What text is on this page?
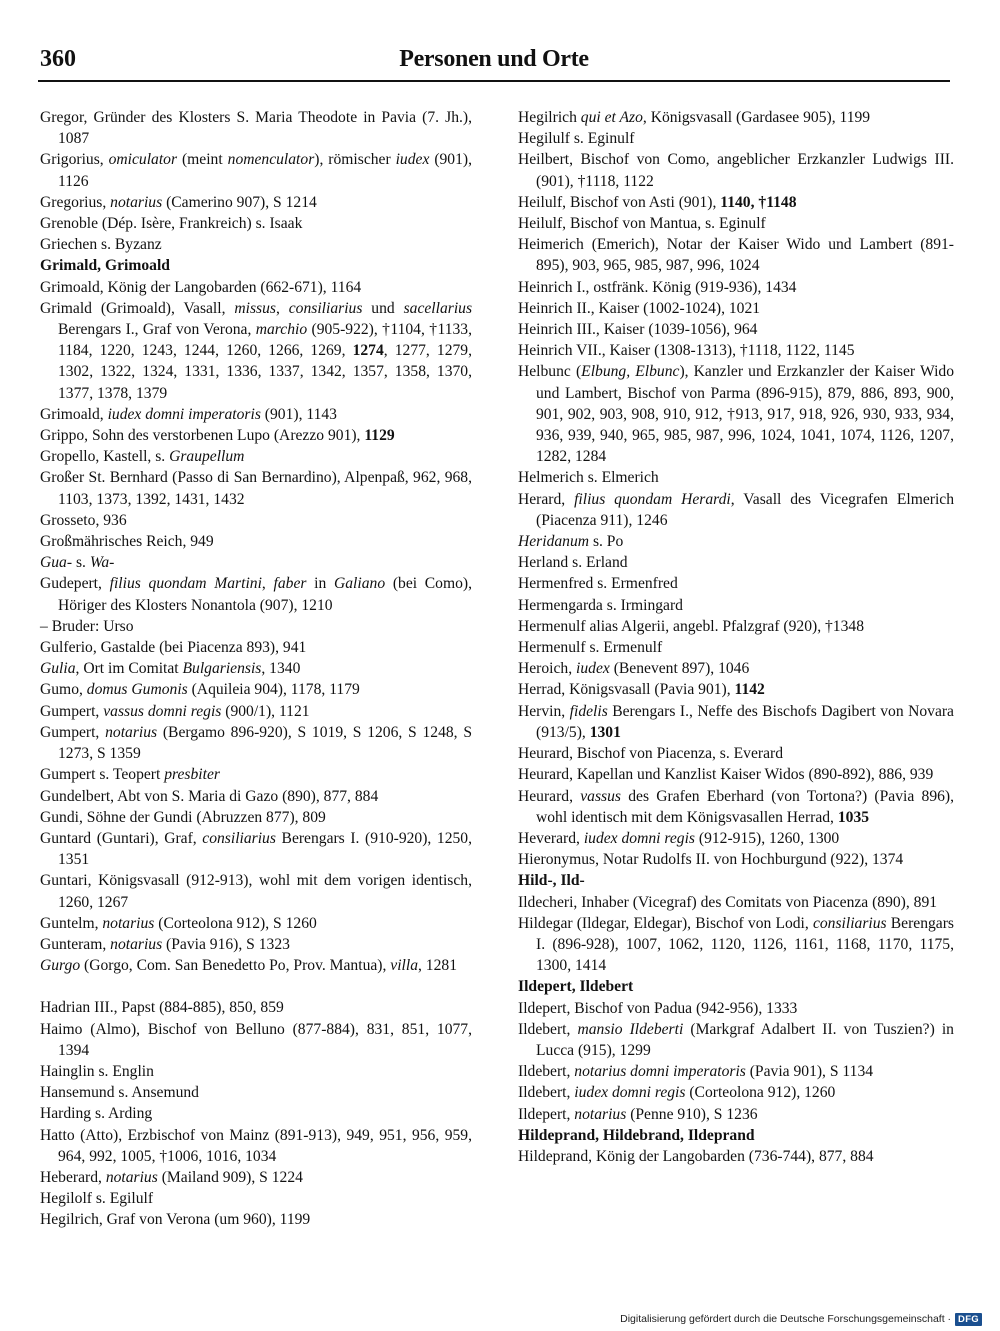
360	Personen und Orte
Gregor, Gründer des Klosters S. Maria Theodote in Pavia (7. Jh.), 1087
Grigorius, omiculator (meint nomenculator), römischer iudex (901), 1126
Gregorius, notarius (Camerino 907), S 1214
Grenoble (Dép. Isère, Frankreich) s. Isaak
Griechen s. Byzanz
Grimald, Grimoald
Grimoald, König der Langobarden (662-671), 1164
Grimald (Grimoald), Vasall, missus, consiliarius und sacellarius Berengars I., Graf von Verona, marchio (905-922), †1104, †1133, 1184, 1220, 1243, 1244, 1260, 1266, 1269, 1274, 1277, 1279, 1302, 1322, 1324, 1331, 1336, 1337, 1342, 1357, 1358, 1370, 1377, 1378, 1379
Grimoald, iudex domni imperatoris (901), 1143
Grippo, Sohn des verstorbenen Lupo (Arezzo 901), 1129
Gropello, Kastell, s. Graupellum
Großer St. Bernhard (Passo di San Bernardino), Alpenpaß, 962, 968, 1103, 1373, 1392, 1431, 1432
Grosseto, 936
Großmährisches Reich, 949
Gua- s. Wa-
Gudepert, filius quondam Martini, faber in Galiano (bei Como), Höriger des Klosters Nonantola (907), 1210
– Bruder: Urso
Gulferio, Gastalde (bei Piacenza 893), 941
Gulia, Ort im Comitat Bulgariensis, 1340
Gumo, domus Gumonis (Aquileia 904), 1178, 1179
Gumpert, vassus domni regis (900/1), 1121
Gumpert, notarius (Bergamo 896-920), S 1019, S 1206, S 1248, S 1273, S 1359
Gumpert s. Teopert presbiter
Gundelbert, Abt von S. Maria di Gazo (890), 877, 884
Gundi, Söhne der Gundi (Abruzzen 877), 809
Guntard (Guntari), Graf, consiliarius Berengars I. (910-920), 1250, 1351
Guntari, Königsvasall (912-913), wohl mit dem vorigen identisch, 1260, 1267
Guntelm, notarius (Corteolona 912), S 1260
Gunteram, notarius (Pavia 916), S 1323
Gurgo (Gorgo, Com. San Benedetto Po, Prov. Mantua), villa, 1281
Hadrian III., Papst (884-885), 850, 859
Haimo (Almo), Bischof von Belluno (877-884), 831, 851, 1077, 1394
Hainglin s. Englin
Hansemund s. Ansemund
Harding s. Arding
Hatto (Atto), Erzbischof von Mainz (891-913), 949, 951, 956, 959, 964, 992, 1005, †1006, 1016, 1034
Heberard, notarius (Mailand 909), S 1224
Hegilolf s. Egilulf
Hegilrich, Graf von Verona (um 960), 1199
Hegilrich qui et Azo, Königsvasall (Gardasee 905), 1199
Hegilulf s. Eginulf
Heilbert, Bischof von Como, angeblicher Erzkanzler Ludwigs III. (901), †1118, 1122
Heilulf, Bischof von Asti (901), 1140, †1148
Heilulf, Bischof von Mantua, s. Eginulf
Heimerich (Emerich), Notar der Kaiser Wido und Lambert (891-895), 903, 965, 985, 987, 996, 1024
Heinrich I., ostfränk. König (919-936), 1434
Heinrich II., Kaiser (1002-1024), 1021
Heinrich III., Kaiser (1039-1056), 964
Heinrich VII., Kaiser (1308-1313), †1118, 1122, 1145
Helbunc (Elbung, Elbunc), Kanzler und Erzkanzler der Kaiser Wido und Lambert, Bischof von Parma (896-915), 879, 886, 893, 900, 901, 902, 903, 908, 910, 912, †913, 917, 918, 926, 930, 933, 934, 936, 939, 940, 965, 985, 987, 996, 1024, 1041, 1074, 1126, 1207, 1282, 1284
Helmerich s. Elmerich
Herard, filius quondam Herardi, Vasall des Vicegrafen Elmerich (Piacenza 911), 1246
Heridanum s. Po
Herland s. Erland
Hermenfred s. Ermenfred
Hermengarda s. Irmingard
Hermenulf alias Algerii, angebl. Pfalzgraf (920), †1348
Hermenulf s. Ermenulf
Heroich, iudex (Benevent 897), 1046
Herrad, Königsvasall (Pavia 901), 1142
Hervin, fidelis Berengars I., Neffe des Bischofs Dagibert von Novara (913/5), 1301
Heurard, Bischof von Piacenza, s. Everard
Heurard, Kapellan und Kanzlist Kaiser Widos (890-892), 886, 939
Heurard, vassus des Grafen Eberhard (von Tortona?) (Pavia 896), wohl identisch mit dem Königsvasallen Herrad, 1035
Heverard, iudex domni regis (912-915), 1260, 1300
Hieronymus, Notar Rudolfs II. von Hochburgund (922), 1374
Hild-, Ild-
Ildecheri, Inhaber (Vicegraf) des Comitats von Piacenza (890), 891
Hildegar (Ildegar, Eldegar), Bischof von Lodi, consiliarius Berengars I. (896-928), 1007, 1062, 1120, 1126, 1161, 1168, 1170, 1175, 1300, 1414
Ildepert, Ildebert
Ildepert, Bischof von Padua (942-956), 1333
Ildebert, mansio Ildeberti (Markgraf Adalbert II. von Tuszien?) in Lucca (915), 1299
Ildebert, notarius domni imperatoris (Pavia 901), S 1134
Ildebert, iudex domni regis (Corteolona 912), 1260
Ildepert, notarius (Penne 910), S 1236
Hildeprand, Hildebrand, Ildeprand
Hildeprand, König der Langobarden (736-744), 877, 884
Digitalisierung gefördert durch die Deutsche Forschungsgemeinschaft · DFG
